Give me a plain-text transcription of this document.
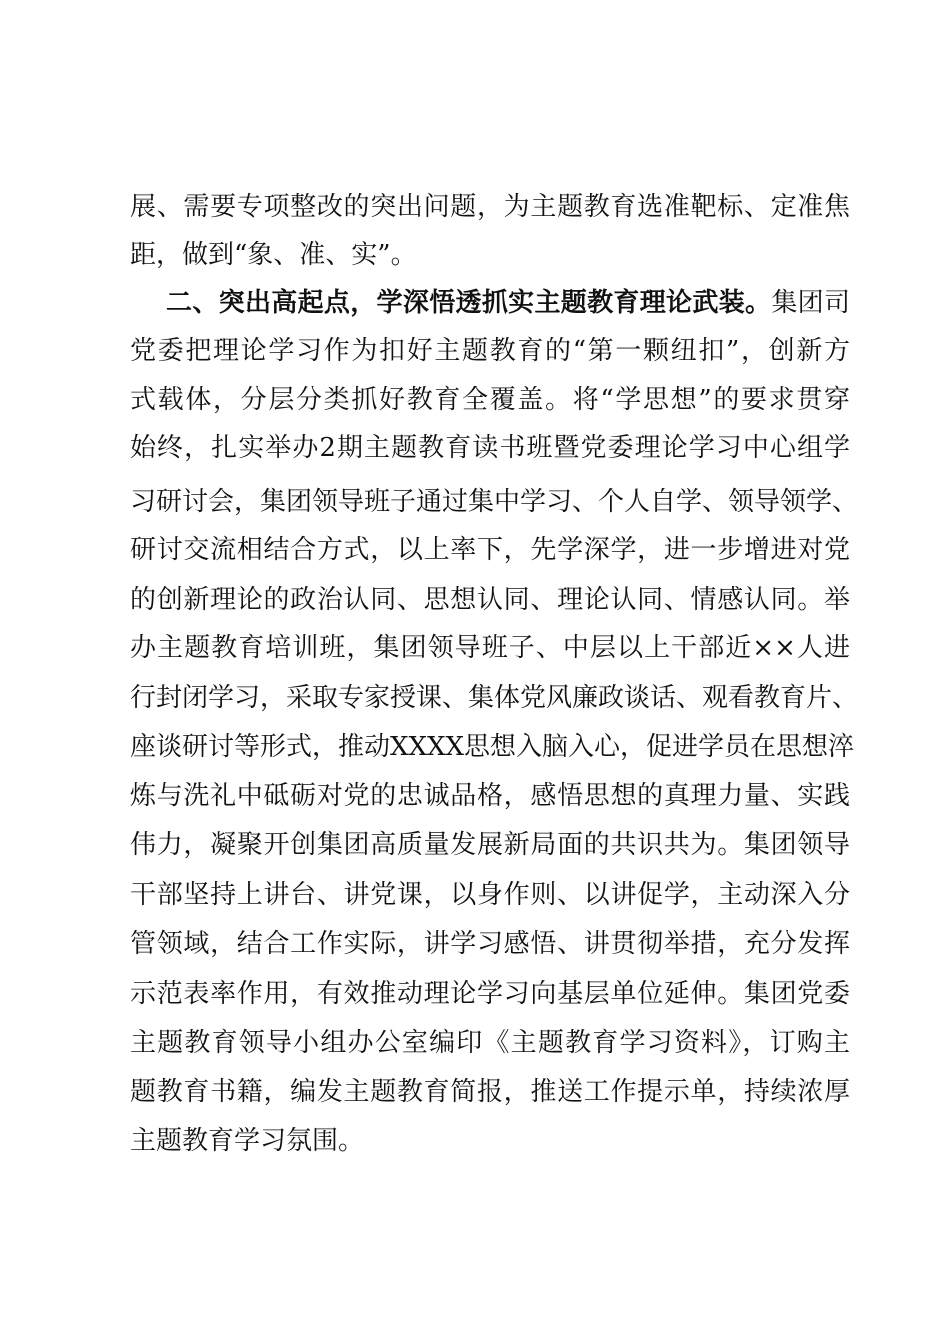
展、需要专项整改的突出问题，为主题教育选准靶标、定准焦
距，做到“象、准、实”。
二、突出高起点，学深悟透抓实主题教育理论武装。集团司
党委把理论学习作为扣好主题教育的“第一颗纽扣”，创新方
式载体，分层分类抓好教育全覆盖。将“学思想”的要求贯穿
始终，扎实举办2期主题教育读书班暨党委理论学习中心组学
习研讨会，集团领导班子通过集中学习、个人自学、领导领学、
研讨交流相结合方式，以上率下，先学深学，进一步增进对党
的创新理论的政治认同、思想认同、理论认同、情感认同。举
办主题教育培训班，集团领导班子、中层以上干部近××人进
行封闭学习，采取专家授课、集体党风廉政谈话、观看教育片、
座谈研讨等形式，推动XXXX思想入脑入心，促进学员在思想淬
炼与洗礼中砥砺对党的忠诚品格，感悟思想的真理力量、实践
伟力，凝聚开创集团高质量发展新局面的共识共为。集团领导
干部坚持上讲台、讲党课，以身作则、以讲促学，主动深入分
管领域，结合工作实际，讲学习感悟、讲贯彻举措，充分发挥
示范表率作用，有效推动理论学习向基层单位延伸。集团党委
主题教育领导小组办公室编印《主题教育学习资料》，订购主
题教育书籍，编发主题教育简报，推送工作提示单，持续浓厚
主题教育学习氛围。
